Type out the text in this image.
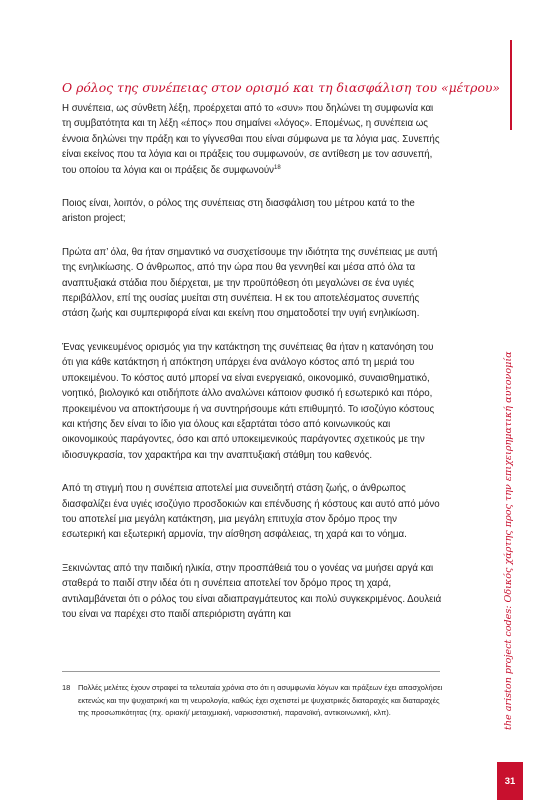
Ο ρόλος της συνέπειας στον ορισμό και τη διασφάλιση του «μέτρου»

Η συνέπεια, ως σύνθετη λέξη, προέρχεται από το «συν» που δηλώνει τη συμφωνία και τη συμβατότητα και τη λέξη «έπος» που σημαίνει «λόγος». Επομένως, η συνέπεια ως έννοια δηλώνει την πράξη και το γίγνεσθαι που είναι σύμφωνα με τα λόγια μας. Συνεπής είναι εκείνος που τα λόγια και οι πράξεις του συμφωνούν, σε αντίθεση με τον ασυνεπή, του οποίου τα λόγια και οι πράξεις δε συμφωνούν$^{18}$

Ποιος είναι, λοιπόν, ο ρόλος της συνέπειας στη διασφάλιση του μέτρου κατά το the ariston project;

Πρώτα απ’ όλα, θα ήταν σημαντικό να συσχετίσουμε την ιδιότητα της συνέπειας με αυτή της ενηλικίωσης. Ο άνθρωπος, από την ώρα που θα γεννηθεί και μέσα από όλα τα αναπτυξιακά στάδια που διέρχεται, με την προϋπόθεση ότι μεγαλώνει σε ένα υγιές περιβάλλον, επί της ουσίας μυείται στη συνέπεια. Η εκ του αποτελέσματος συνεπής στάση ζωής και συμπεριφορά είναι και εκείνη που σηματοδοτεί την υγιή ενηλικίωση.

Ένας γενικευμένος ορισμός για την κατάκτηση της συνέπειας θα ήταν η κατανόηση του ότι για κάθε κατάκτηση ή απόκτηση υπάρχει ένα ανάλογο κόστος από τη μεριά του υποκειμένου. Το κόστος αυτό μπορεί να είναι ενεργειακό, οικονομικό, συναισθηματικό, νοητικό, βιολογικό και οτιδήποτε άλλο αναλώνει κάποιον φυσικό ή εσωτερικό και πόρο, προκειμένου να αποκτήσουμε ή να συντηρήσουμε κάτι επιθυμητό. Το ισοζύγιο κόστους και κτήσης δεν είναι το ίδιο για όλους και εξαρτάται τόσο από κοινωνικούς και οικονομικούς παράγοντες, όσο και από υποκειμενικούς παράγοντες σχετικούς με την ιδιοσυγκρασία, τον χαρακτήρα και την αναπτυξιακή στάθμη του καθενός.

Από τη στιγμή που η συνέπεια αποτελεί μια συνειδητή στάση ζωής, ο άνθρωπος διασφαλίζει ένα υγιές ισοζύγιο προσδοκιών και επένδυσης ή κόστους και αυτό από μόνο του αποτελεί μια μεγάλη κατάκτηση, μια μεγάλη επιτυχία στον δρόμο προς την εσωτερική και εξωτερική αρμονία, την αίσθηση ασφάλειας, τη χαρά και το νόημα.

Ξεκινώντας από την παιδική ηλικία, στην προσπάθειά του ο γονέας να μυήσει αργά και σταθερά το παιδί στην ιδέα ότι η συνέπεια αποτελεί τον δρόμο προς τη χαρά, αντιλαμβάνεται ότι ο ρόλος του είναι αδιαπραγμάτευτος και πολύ συγκεκριμένος. Δουλειά του είναι να παρέχει στο παιδί απεριόριστη αγάπη και	the ariston project codes: Οδικός χάρτης προς την επιχειρηματική αυτονομία
18	Πολλές μελέτες έχουν στραφεί τα τελευταία χρόνια στο ότι η ασυμφωνία λόγων και πράξεων έχει απασχολήσει εκτενώς και την ψυχιατρική και τη νευρολογία, καθώς έχει σχετιστεί με ψυχιατρικές διαταραχές και διαταραχές της προσωπικότητας (πχ. οριακή/ μεταιχμιακή, ναρκισσιστική, παρανοϊκή, αντικοινωνική, κλπ).
31
